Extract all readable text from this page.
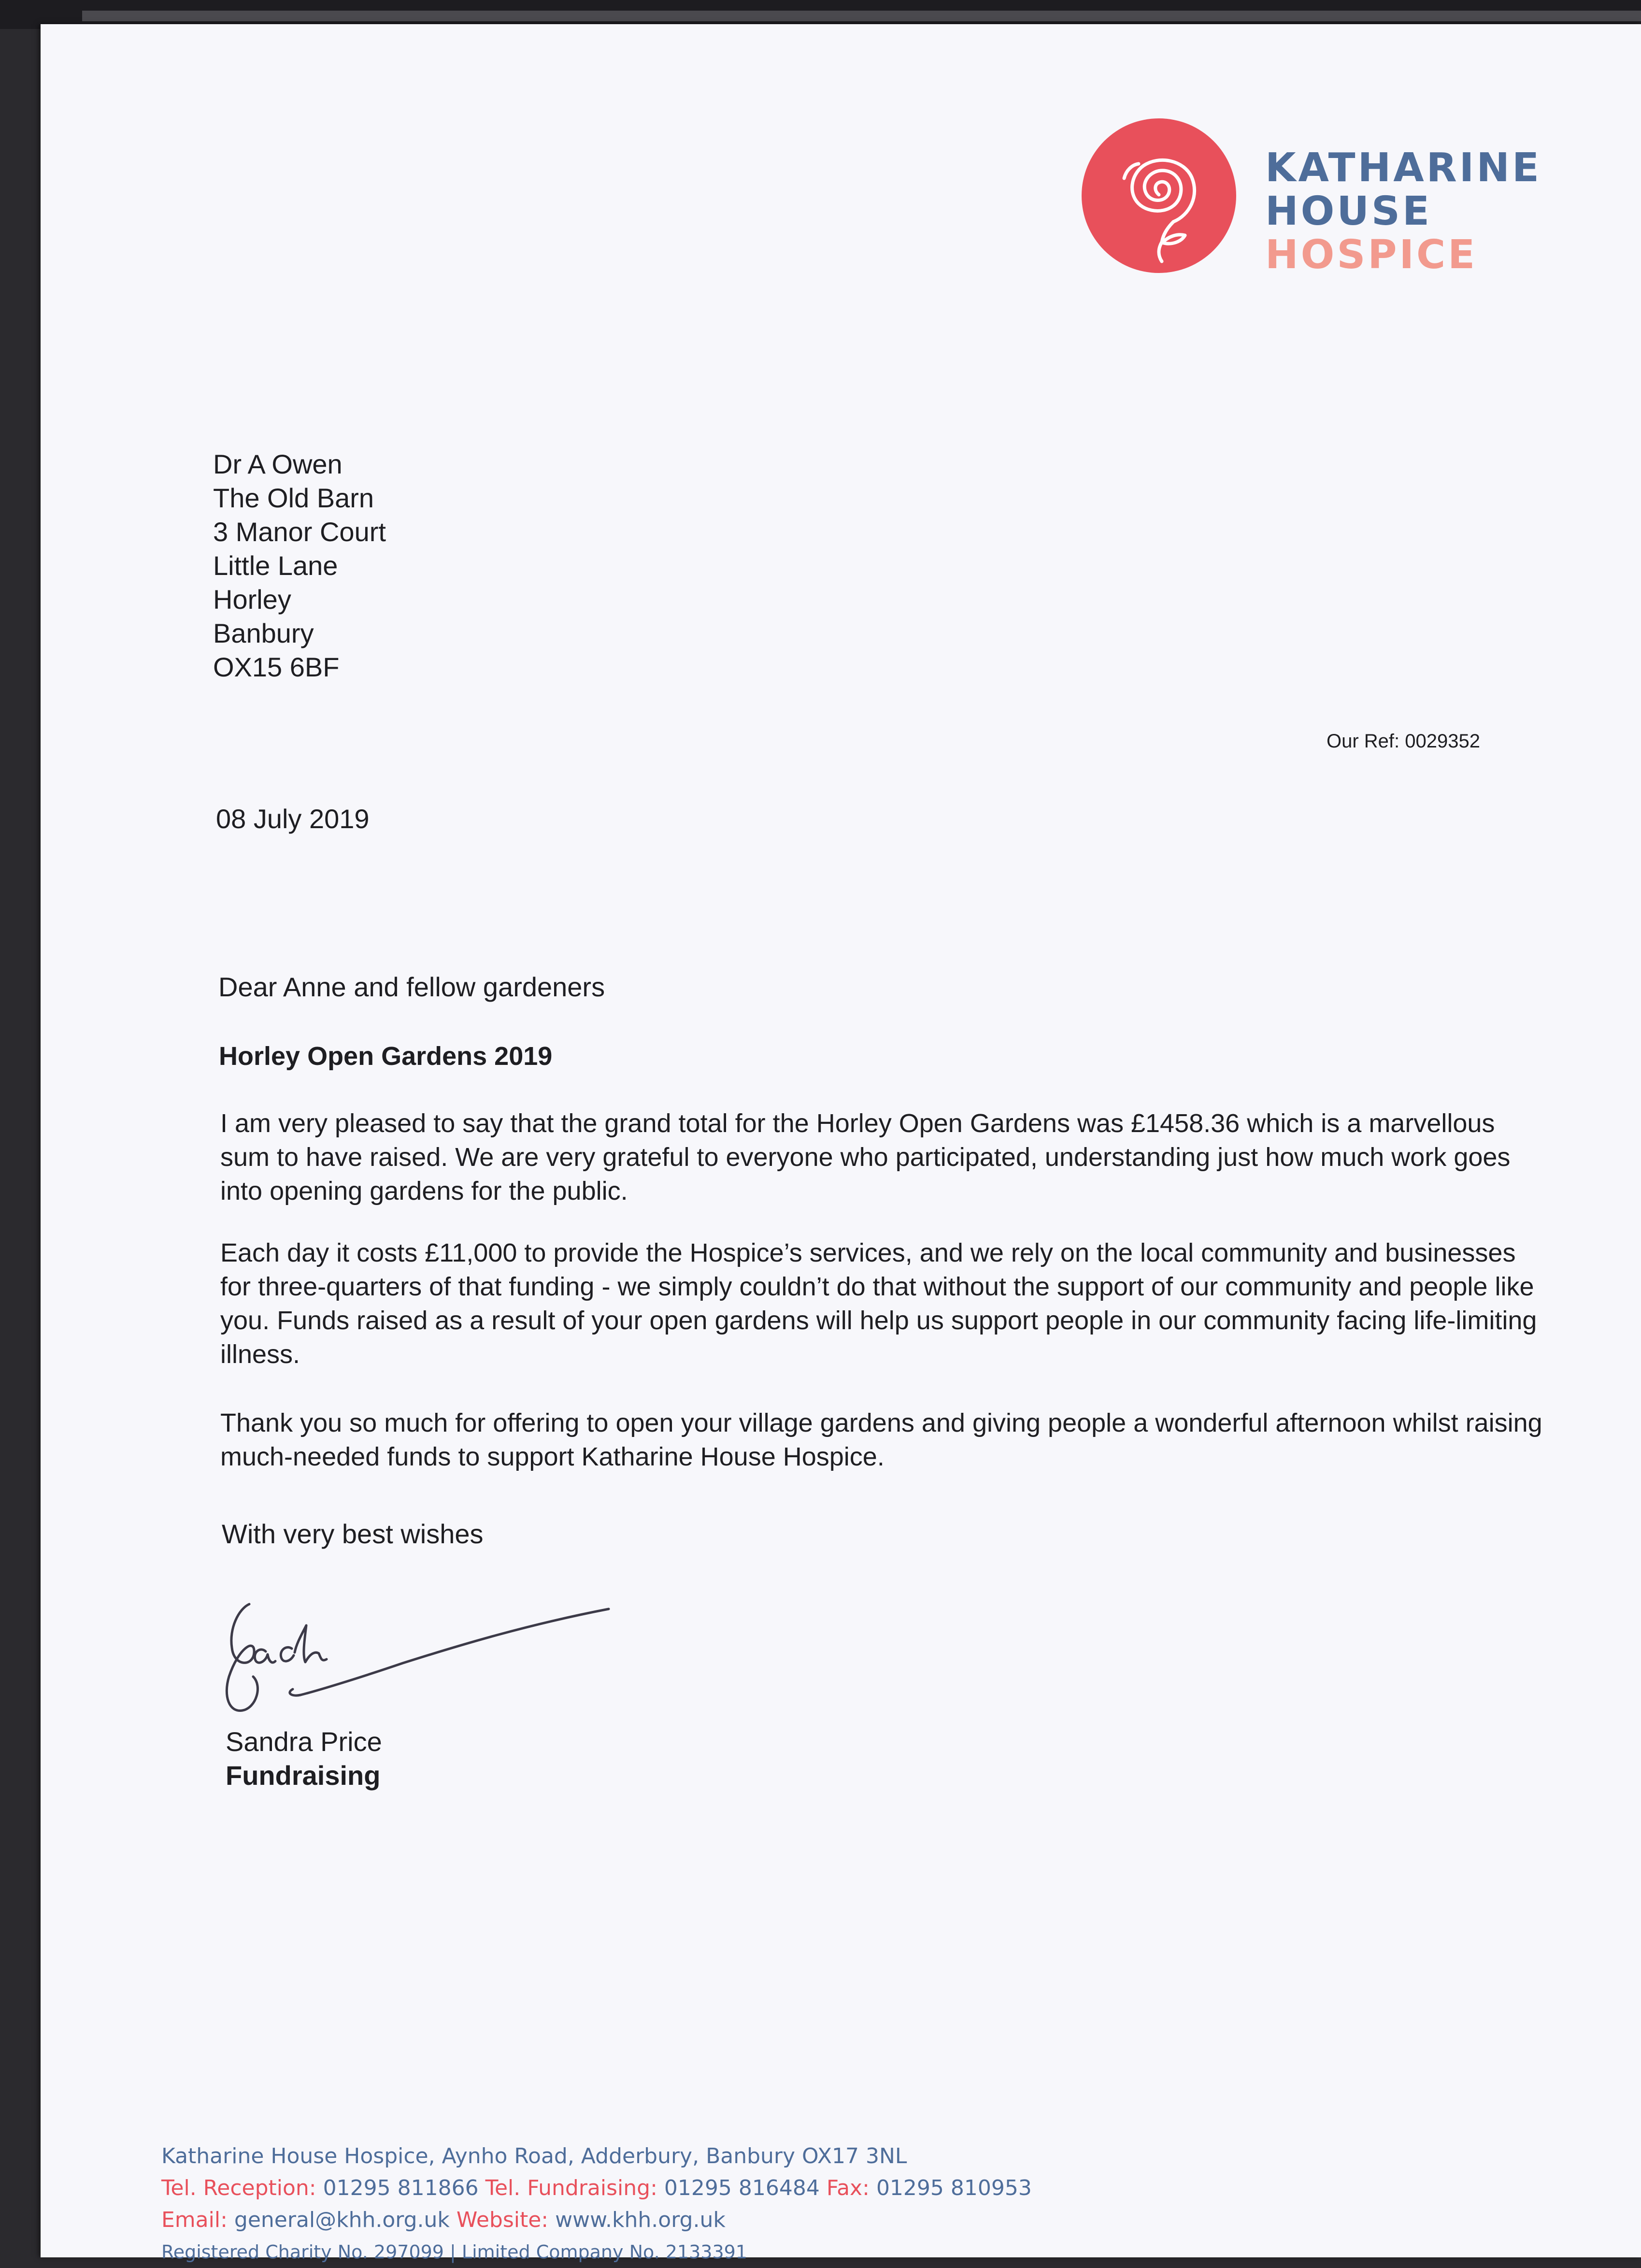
KATHARINE
HOUSE
HOSPICE
Dr A Owen
The Old Barn
3 Manor Court
Little Lane
Horley
Banbury
OX15 6BF
Our Ref: 0029352
08 July 2019
Dear Anne and fellow gardeners
Horley Open Gardens 2019
I am very pleased to say that the grand total for the Horley Open Gardens was £1458.36 which is a marvellous sum to have raised. We are very grateful to everyone who participated, understanding just how much work goes into opening gardens for the public.
Each day it costs £11,000 to provide the Hospice’s services, and we rely on the local community and businesses for three-quarters of that funding - we simply couldn’t do that without the support of our community and people like you. Funds raised as a result of your open gardens will help us support people in our community facing life-limiting illness.
Thank you so much for offering to open your village gardens and giving people a wonderful afternoon whilst raising much-needed funds to support Katharine House Hospice.
With very best wishes
Sandra Price
Fundraising
Katharine House Hospice, Aynho Road, Adderbury, Banbury OX17 3NL
Tel. Reception: 01295 811866 Tel. Fundraising: 01295 816484 Fax: 01295 810953
Email: general@khh.org.uk Website: www.khh.org.uk
Registered Charity No. 297099 | Limited Company No. 2133391
